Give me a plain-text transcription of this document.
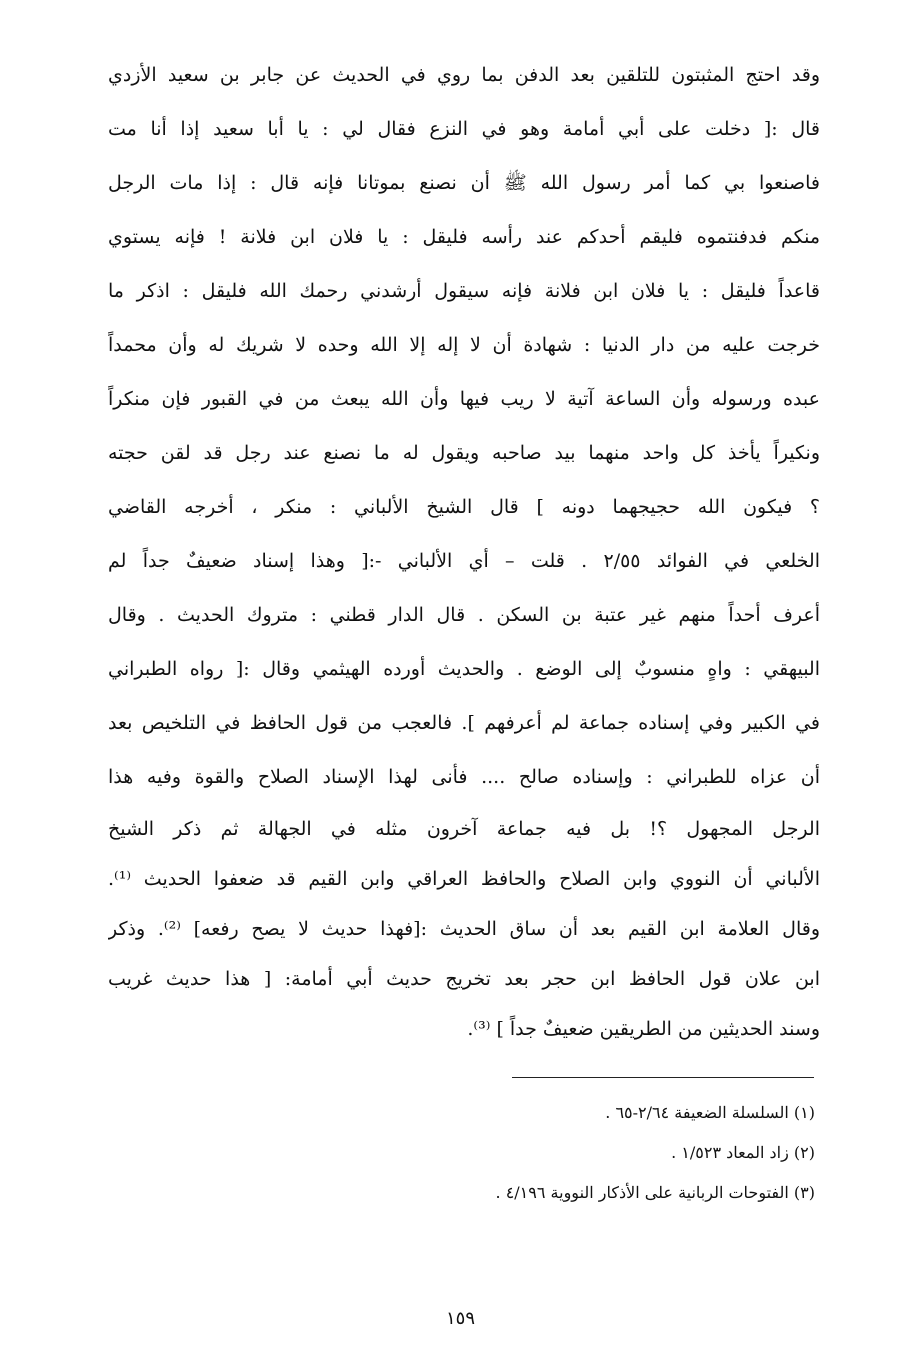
وقد احتج المثبتون للتلقين بعد الدفن بما روي في الحديث عن جابر بن سعيد الأزدي
قال :[ دخلت على أبي أمامة وهو في النزع فقال لي : يا أبا سعيد إذا أنا مت
فاصنعوا بي كما أمر رسول الله ﷺ أن نصنع بموتانا فإنه قال : إذا مات الرجل
منكم فدفنتموه فليقم أحدكم عند رأسه فليقل : يا فلان ابن فلانة ! فإنه يستوي
قاعداً فليقل : يا فلان ابن فلانة فإنه سيقول أرشدني رحمك الله فليقل : اذكر ما
خرجت عليه من دار الدنيا : شهادة أن لا إله إلا الله وحده لا شريك له وأن محمداً
عبده ورسوله وأن الساعة آتية لا ريب فيها وأن الله يبعث من في القبور فإن منكراً
ونكيراً يأخذ كل واحد منهما بيد صاحبه ويقول له ما نصنع عند رجل قد لقن حجته
؟ فيكون الله حجيجهما دونه ] قال الشيخ الألباني : منكر ، أخرجه القاضي
الخلعي في الفوائد ٢/٥٥ . قلت – أي الألباني -:[ وهذا إسناد ضعيفٌ جداً لم
أعرف أحداً منهم غير عتبة بن السكن . قال الدار قطني : متروك الحديث . وقال
البيهقي : واهٍ منسوبٌ إلى الوضع . والحديث أورده الهيثمي وقال :[ رواه الطبراني
في الكبير وفي إسناده جماعة لم أعرفهم ]. فالعجب من قول الحافظ في التلخيص بعد
أن عزاه للطبراني : وإسناده صالح .... فأنى لهذا الإسناد الصلاح والقوة وفيه هذا
الرجل المجهول ؟! بل فيه جماعة آخرون مثله في الجهالة ثم ذكر الشيخ
الألباني أن النووي وابن الصلاح والحافظ العراقي وابن القيم قد ضعفوا الحديث ⁽¹⁾.
وقال العلامة ابن القيم بعد أن ساق الحديث :[فهذا حديث لا يصح رفعه] ⁽²⁾. وذكر
ابن علان قول الحافظ ابن حجر بعد تخريج حديث أبي أمامة: [ هذا حديث غريب
وسند الحديثين من الطريقين ضعيفٌ جداً ] ⁽³⁾.
(١) السلسلة الضعيفة ٢/٦٤-٦٥ .
(٢) زاد المعاد ١/٥٢٣ .
(٣) الفتوحات الربانية على الأذكار النووية ٤/١٩٦ .
١٥٩
